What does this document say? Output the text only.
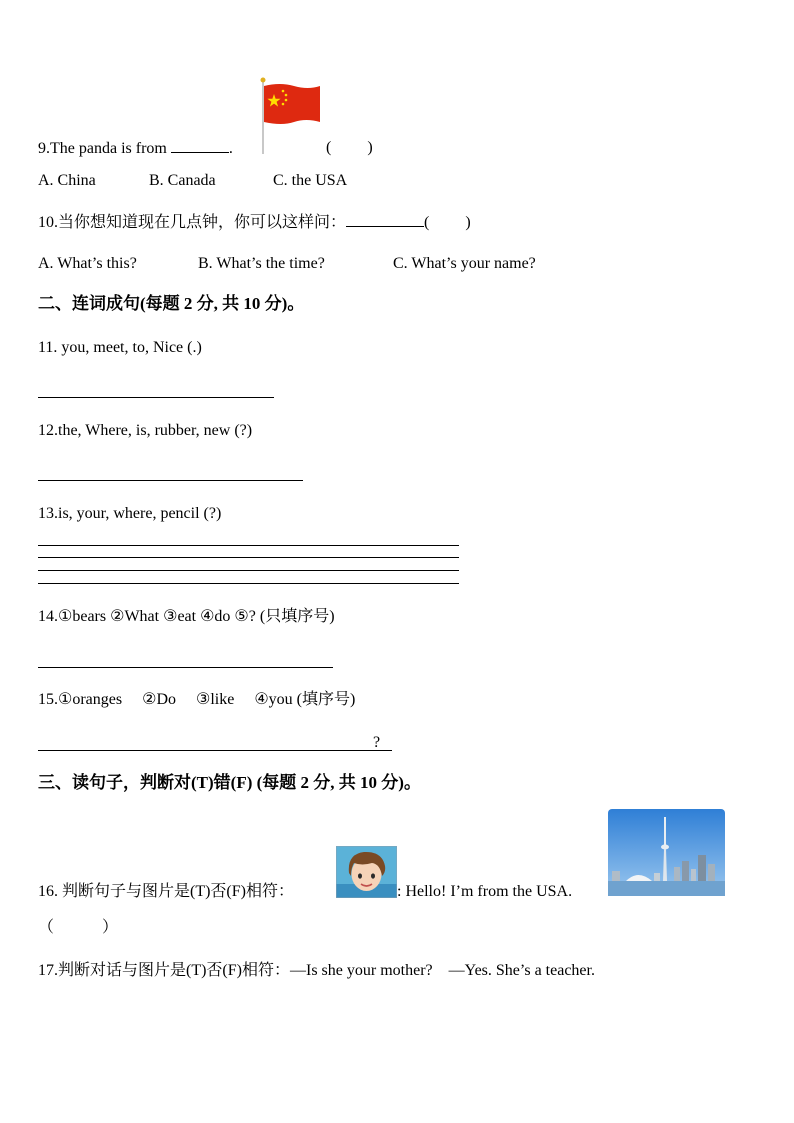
9.The panda is from	.	(　 　)
A. China	B. Canada	C. the USA
10.当你想知道现在几点钟，你可以这样问：	(　 　)
A. What’s this?	B. What’s the time?	C. What’s your name?
二、连词成句(每题 2 分, 共 10 分)。
11. you, meet, to, Nice (.)
12.the, Where, is, rubber, new (?)
13.is, your, where, pencil (?)
14.①bears ②What ③eat ④do ⑤? (只填序号)
15.①oranges 　②Do 　③like 　④you (填序号)
?
三、读句子，判断对(T)错(F) (每题 2 分, 共 10 分)。
16. 判断句子与图片是(T)否(F)相符：	: Hello! I’m from the USA.
（　　　）
17.判断对话与图片是(T)否(F)相符：—Is she your mother?　—Yes. She’s a teacher.
